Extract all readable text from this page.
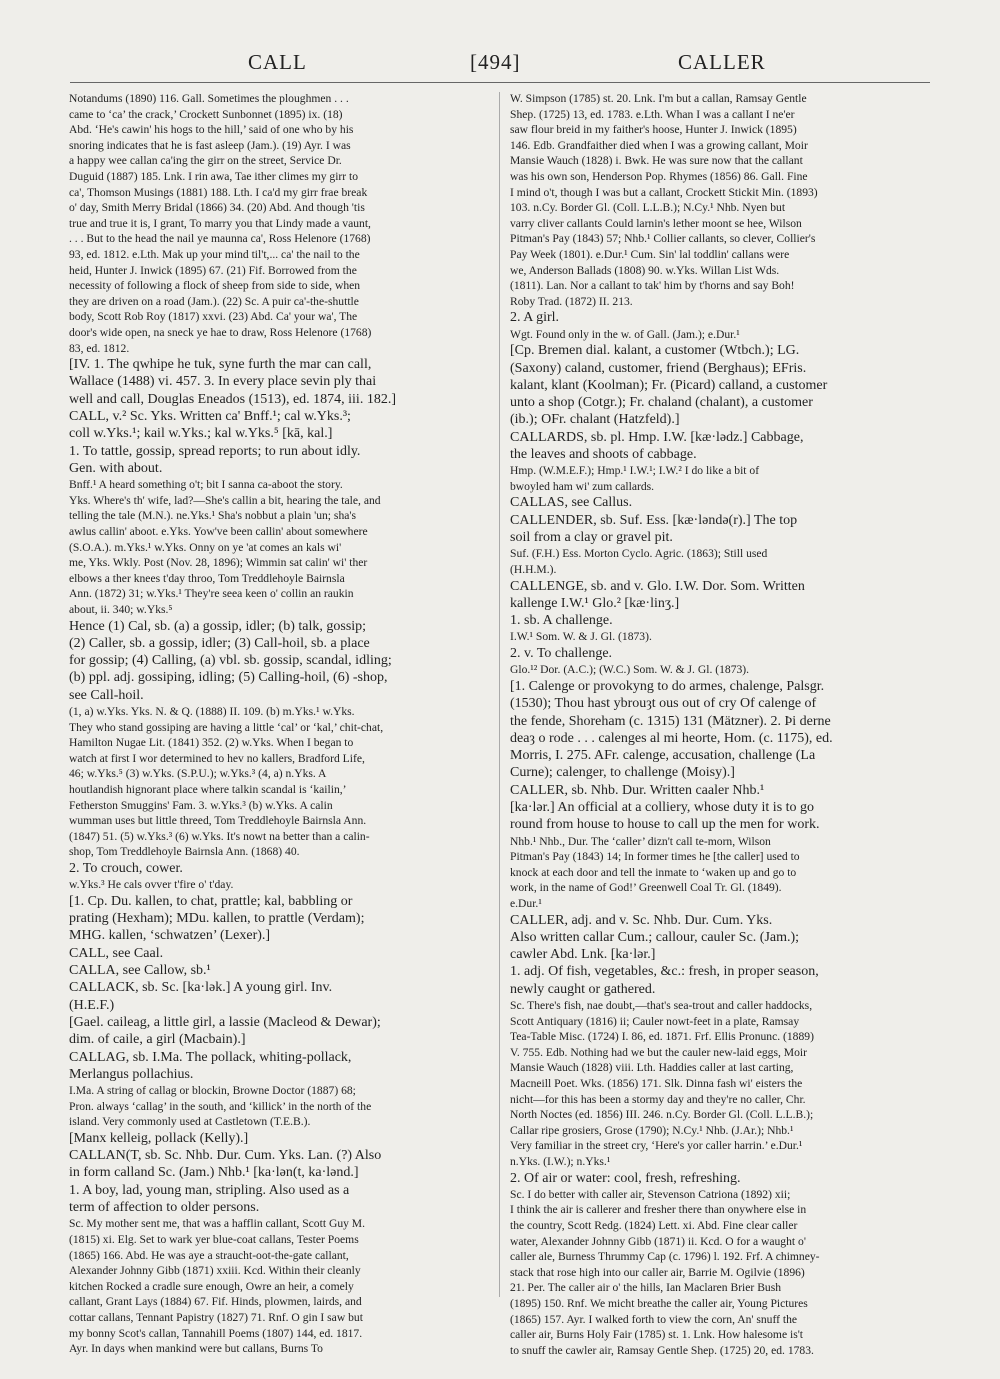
CALL	[494]	CALLER
Notandums (1890) 116. Gall. Sometimes the ploughmen . . .
came to ‘ca’ the crack,’ Crockett Sunbonnet (1895) ix. (18)
Abd. ‘He's cawin' his hogs to the hill,’ said of one who by his
snoring indicates that he is fast asleep (Jam.). (19) Ayr. I was
a happy wee callan ca'ing the girr on the street, Service Dr.
Duguid (1887) 185. Lnk. I rin awa, Tae ither climes my girr to
ca', Thomson Musings (1881) 188. Lth. I ca'd my girr frae break
o' day, Smith Merry Bridal (1866) 34. (20) Abd. And though 'tis
true and true it is, I grant, To marry you that Lindy made a vaunt,
. . . But to the head the nail ye maunna ca', Ross Helenore (1768)
93, ed. 1812. e.Lth. Mak up your mind til't,... ca' the nail to the
heid, Hunter J. Inwick (1895) 67. (21) Fif. Borrowed from the
necessity of following a flock of sheep from side to side, when
they are driven on a road (Jam.). (22) Sc. A puir ca'-the-shuttle
body, Scott Rob Roy (1817) xxvi. (23) Abd. Ca' your wa', The
door's wide open, na sneck ye hae to draw, Ross Helenore (1768)
83, ed. 1812.
[IV. 1. The qwhipe he tuk, syne furth the mar can call,
Wallace (1488) vi. 457. 3. In every place sevin ply thai
well and call, Douglas Eneados (1513), ed. 1874, iii. 182.]
CALL, v.² Sc. Yks. Written ca' Bnff.¹; cal w.Yks.³;
coll w.Yks.¹; kail w.Yks.; kal w.Yks.⁵ [kā, kal.]
1. To tattle, gossip, spread reports; to run about idly.
Gen. with about.
Bnff.¹ A heard something o't; bit I sanna ca-aboot the story.
Yks. Where's th' wife, lad?—She's callin a bit, hearing the tale, and
telling the tale (M.N.). ne.Yks.¹ Sha's nobbut a plain 'un; sha's
awlus callin' aboot. e.Yks. Yow've been callin' about somewhere
(S.O.A.). m.Yks.¹ w.Yks. Onny on ye 'at comes an kals wi'
me, Yks. Wkly. Post (Nov. 28, 1896); Wimmin sat calin' wi' ther
elbows a ther knees t'day throo, Tom Treddlehoyle Bairnsla
Ann. (1872) 31; w.Yks.¹ They're seea keen o' collin an raukin
about, ii. 340; w.Yks.⁵
Hence (1) Cal, sb. (a) a gossip, idler; (b) talk, gossip;
(2) Caller, sb. a gossip, idler; (3) Call-hoil, sb. a place
for gossip; (4) Calling, (a) vbl. sb. gossip, scandal, idling;
(b) ppl. adj. gossiping, idling; (5) Calling-hoil, (6) -shop,
see Call-hoil.
(1, a) w.Yks. Yks. N. & Q. (1888) II. 109. (b) m.Yks.¹ w.Yks.
They who stand gossiping are having a little ‘cal’ or ‘kal,’ chit-chat,
Hamilton Nugae Lit. (1841) 352. (2) w.Yks. When I began to
watch at first I wor determined to hev no kallers, Bradford Life,
46; w.Yks.⁵ (3) w.Yks. (S.P.U.); w.Yks.³ (4, a) n.Yks. A
houtlandish hignorant place where talkin scandal is ‘kailin,’
Fetherston Smuggins' Fam. 3. w.Yks.³ (b) w.Yks. A calin
wumman uses but little threed, Tom Treddlehoyle Bairnsla Ann.
(1847) 51. (5) w.Yks.³ (6) w.Yks. It's nowt na better than a calin-
shop, Tom Treddlehoyle Bairnsla Ann. (1868) 40.
2. To crouch, cower.
w.Yks.³ He cals ovver t'fire o' t'day.
[1. Cp. Du. kallen, to chat, prattle; kal, babbling or
prating (Hexham); MDu. kallen, to prattle (Verdam);
MHG. kallen, ‘schwatzen’ (Lexer).]
CALL, see Caal.
CALLA, see Callow, sb.¹
CALLACK, sb. Sc. [ka·lək.] A young girl. Inv.
(H.E.F.)
[Gael. caileag, a little girl, a lassie (Macleod & Dewar);
dim. of caile, a girl (Macbain).]
CALLAG, sb. I.Ma. The pollack, whiting-pollack,
Merlangus pollachius.
I.Ma. A string of callag or blockin, Browne Doctor (1887) 68;
Pron. always ‘callag’ in the south, and ‘killick’ in the north of the
island. Very commonly used at Castletown (T.E.B.).
[Manx kelleig, pollack (Kelly).]
CALLAN(T, sb. Sc. Nhb. Dur. Cum. Yks. Lan. (?) Also
in form calland Sc. (Jam.) Nhb.¹ [ka·lən(t, ka·lənd.]
1. A boy, lad, young man, stripling. Also used as a
term of affection to older persons.
Sc. My mother sent me, that was a hafflin callant, Scott Guy M.
(1815) xi. Elg. Set to wark yer blue-coat callans, Tester Poems
(1865) 166. Abd. He was aye a straucht-oot-the-gate callant,
Alexander Johnny Gibb (1871) xxiii. Kcd. Within their cleanly
kitchen Rocked a cradle sure enough, Owre an heir, a comely
callant, Grant Lays (1884) 67. Fif. Hinds, plowmen, lairds, and
cottar callans, Tennant Papistry (1827) 71. Rnf. O gin I saw but
my bonny Scot's callan, Tannahill Poems (1807) 144, ed. 1817.
Ayr. In days when mankind were but callans, Burns To
W. Simpson (1785) st. 20. Lnk. I'm but a callan, Ramsay Gentle
Shep. (1725) 13, ed. 1783. e.Lth. Whan I was a callant I ne'er
saw flour breid in my faither's hoose, Hunter J. Inwick (1895)
146. Edb. Grandfaither died when I was a growing callant, Moir
Mansie Wauch (1828) i. Bwk. He was sure now that the callant
was his own son, Henderson Pop. Rhymes (1856) 86. Gall. Fine
I mind o't, though I was but a callant, Crockett Stickit Min. (1893)
103. n.Cy. Border Gl. (Coll. L.L.B.); N.Cy.¹ Nhb. Nyen but
varry cliver callants Could larnin's lether moont se hee, Wilson
Pitman's Pay (1843) 57; Nhb.¹ Collier callants, so clever, Collier's
Pay Week (1801). e.Dur.¹ Cum. Sin' lal toddlin' callans were
we, Anderson Ballads (1808) 90. w.Yks. Willan List Wds.
(1811). Lan. Nor a callant to tak' him by t'horns and say Boh!
Roby Trad. (1872) II. 213.
2. A girl.
Wgt. Found only in the w. of Gall. (Jam.); e.Dur.¹
[Cp. Bremen dial. kalant, a customer (Wtbch.); LG.
(Saxony) caland, customer, friend (Berghaus); EFris.
kalant, klant (Koolman); Fr. (Picard) calland, a customer
unto a shop (Cotgr.); Fr. chaland (chalant), a customer
(ib.); OFr. chalant (Hatzfeld).]
CALLARDS, sb. pl. Hmp. I.W. [kæ·lədz.] Cabbage,
the leaves and shoots of cabbage.
Hmp. (W.M.E.F.); Hmp.¹ I.W.¹; I.W.² I do like a bit of
bwoyled ham wi' zum callards.
CALLAS, see Callus.
CALLENDER, sb. Suf. Ess. [kæ·ləndə(r).] The top
soil from a clay or gravel pit.
Suf. (F.H.) Ess. Morton Cyclo. Agric. (1863); Still used
(H.H.M.).
CALLENGE, sb. and v. Glo. I.W. Dor. Som. Written
kallenge I.W.¹ Glo.² [kæ·linʒ.]
1. sb. A challenge.
I.W.¹ Som. W. & J. Gl. (1873).
2. v. To challenge.
Glo.¹² Dor. (A.C.); (W.C.) Som. W. & J. Gl. (1873).
[1. Calenge or provokyng to do armes, chalenge, Palsgr.
(1530); Thou hast ybrouȝt ous out of cry Of calenge of
the fende, Shoreham (c. 1315) 131 (Mätzner). 2. Þi derne
deaȝ o rode . . . calenges al mi heorte, Hom. (c. 1175), ed.
Morris, I. 275. AFr. calenge, accusation, challenge (La
Curne); calenger, to challenge (Moisy).]
CALLER, sb. Nhb. Dur. Written caaler Nhb.¹
[ka·lər.] An official at a colliery, whose duty it is to go
round from house to house to call up the men for work.
Nhb.¹ Nhb., Dur. The ‘caller’ dizn't call te-morn, Wilson
Pitman's Pay (1843) 14; In former times he [the caller] used to
knock at each door and tell the inmate to ‘waken up and go to
work, in the name of God!’ Greenwell Coal Tr. Gl. (1849).
e.Dur.¹
CALLER, adj. and v. Sc. Nhb. Dur. Cum. Yks.
Also written callar Cum.; callour, cauler Sc. (Jam.);
cawler Abd. Lnk. [ka·lər.]
1. adj. Of fish, vegetables, &c.: fresh, in proper season,
newly caught or gathered.
Sc. There's fish, nae doubt,—that's sea-trout and caller haddocks,
Scott Antiquary (1816) ii; Cauler nowt-feet in a plate, Ramsay
Tea-Table Misc. (1724) I. 86, ed. 1871. Frf. Ellis Pronunc. (1889)
V. 755. Edb. Nothing had we but the cauler new-laid eggs, Moir
Mansie Wauch (1828) viii. Lth. Haddies caller at last carting,
Macneill Poet. Wks. (1856) 171. Slk. Dinna fash wi' eisters the
nicht—for this has been a stormy day and they're no caller, Chr.
North Noctes (ed. 1856) III. 246. n.Cy. Border Gl. (Coll. L.L.B.);
Callar ripe grosiers, Grose (1790); N.Cy.¹ Nhb. (J.Ar.); Nhb.¹
Very familiar in the street cry, ‘Here's yor caller harrin.’ e.Dur.¹
n.Yks. (I.W.); n.Yks.¹
2. Of air or water: cool, fresh, refreshing.
Sc. I do better with caller air, Stevenson Catriona (1892) xii;
I think the air is callerer and fresher there than onywhere else in
the country, Scott Redg. (1824) Lett. xi. Abd. Fine clear caller
water, Alexander Johnny Gibb (1871) ii. Kcd. O for a waught o'
caller ale, Burness Thrummy Cap (c. 1796) l. 192. Frf. A chimney-
stack that rose high into our caller air, Barrie M. Ogilvie (1896)
21. Per. The caller air o' the hills, Ian Maclaren Brier Bush
(1895) 150. Rnf. We micht breathe the caller air, Young Pictures
(1865) 157. Ayr. I walked forth to view the corn, An' snuff the
caller air, Burns Holy Fair (1785) st. 1. Lnk. How halesome is't
to snuff the cawler air, Ramsay Gentle Shep. (1725) 20, ed. 1783.
